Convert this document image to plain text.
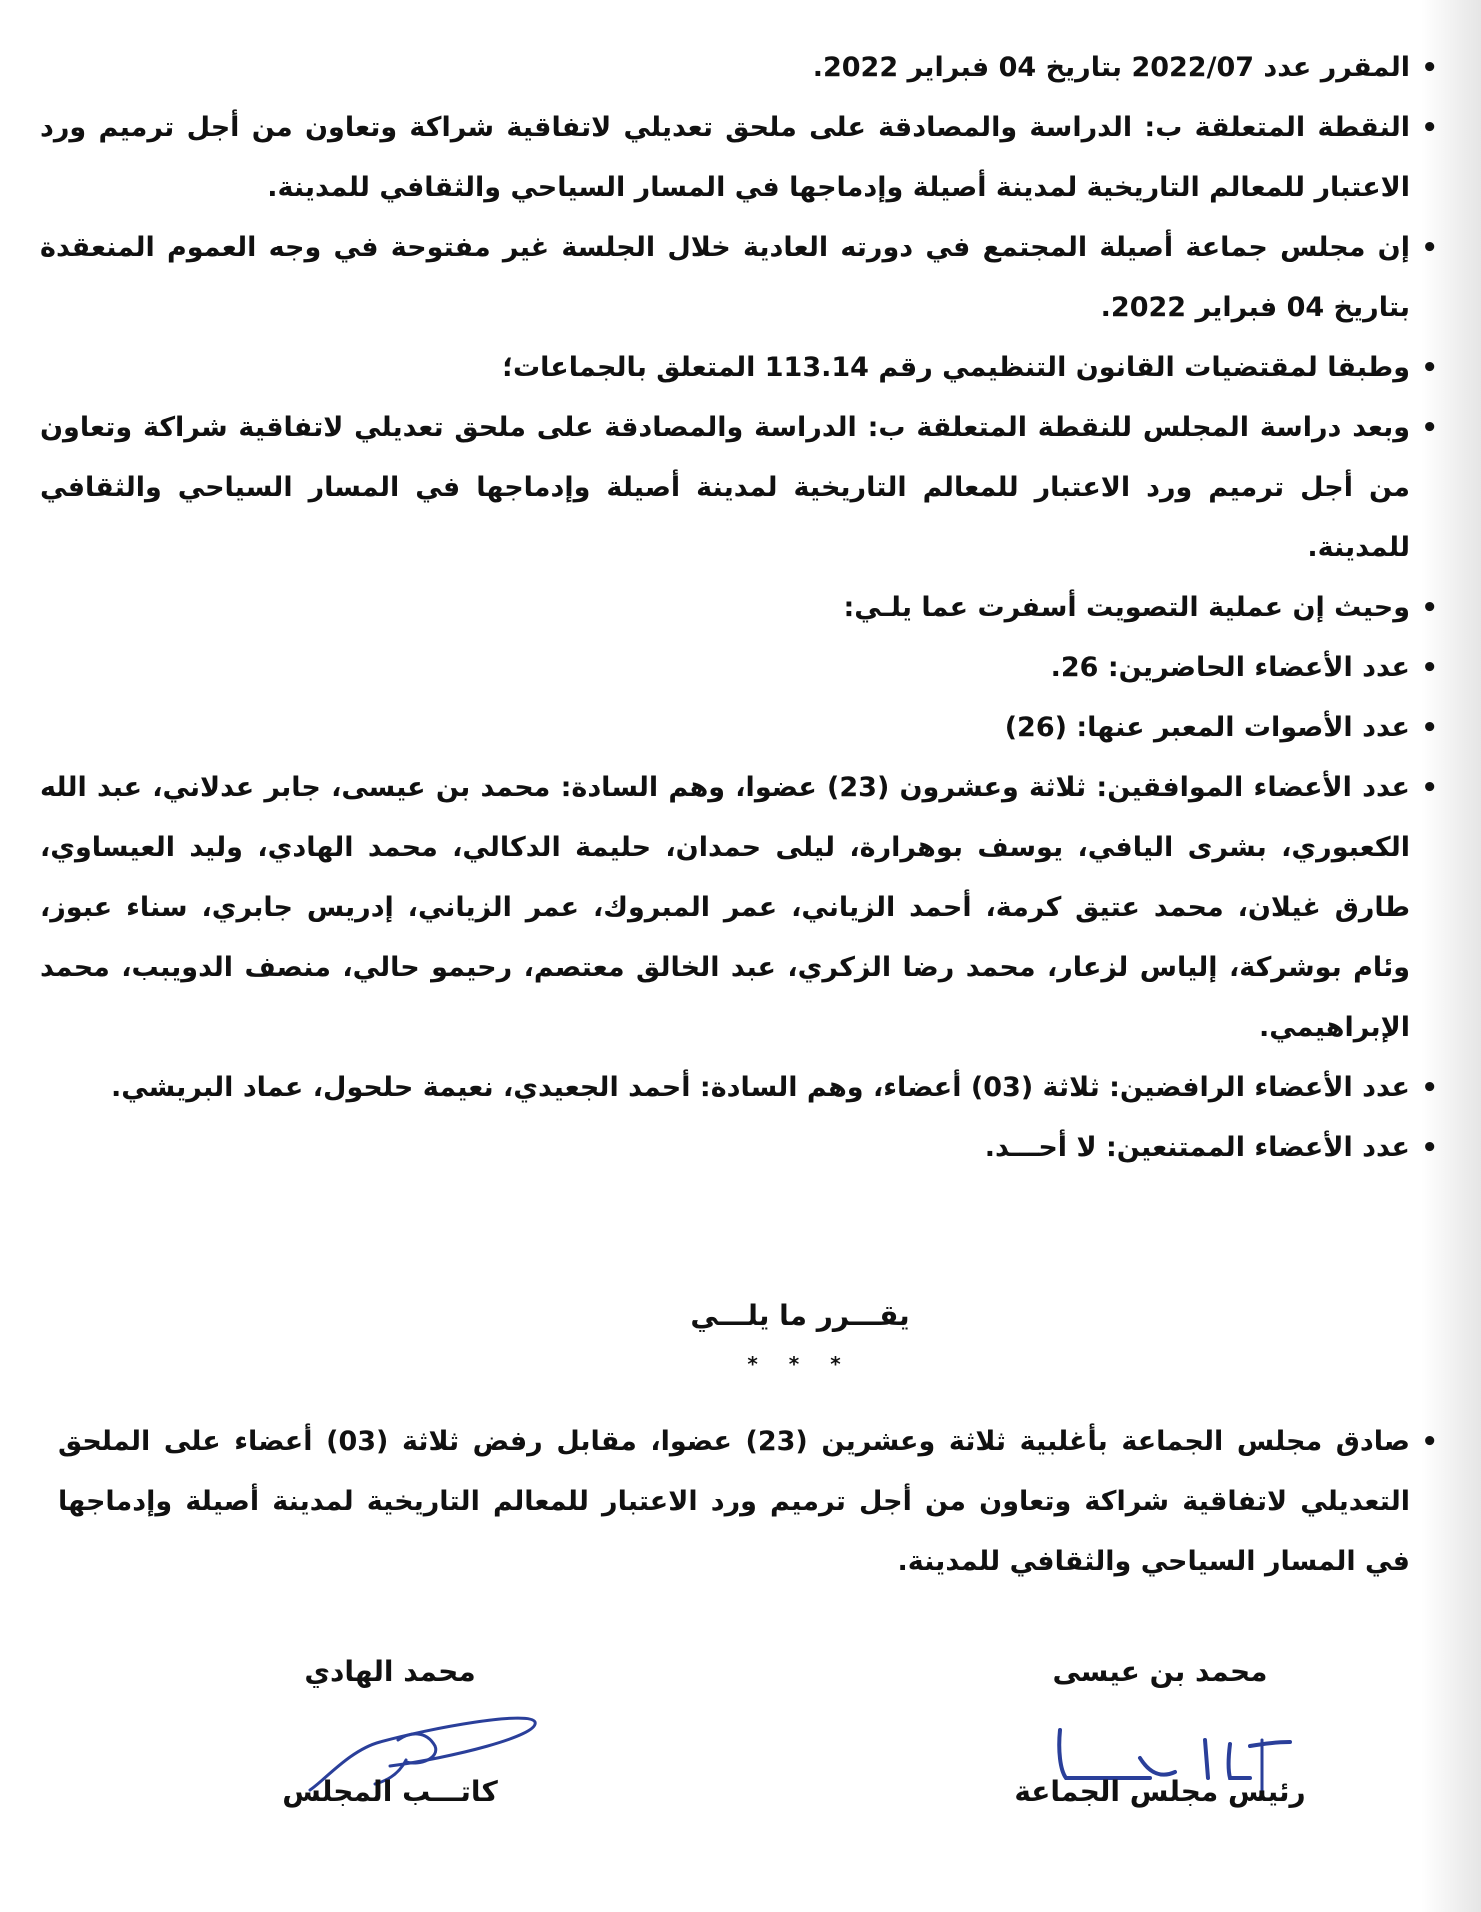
• المقرر عدد 2022/07 بتاريخ 04 فبراير 2022.
• النقطة المتعلقة ب: الدراسة والمصادقة على ملحق تعديلي لاتفاقية شراكة وتعاون من أجل ترميم ورد الاعتبار للمعالم التاريخية لمدينة أصيلة وإدماجها في المسار السياحي والثقافي للمدينة.
• إن مجلس جماعة أصيلة المجتمع في دورته العادية خلال الجلسة غير مفتوحة في وجه العموم المنعقدة بتاريخ 04 فبراير 2022.
• وطبقا لمقتضيات القانون التنظيمي رقم 113.14 المتعلق بالجماعات؛
• وبعد دراسة المجلس للنقطة المتعلقة ب: الدراسة والمصادقة على ملحق تعديلي لاتفاقية شراكة وتعاون من أجل ترميم ورد الاعتبار للمعالم التاريخية لمدينة أصيلة وإدماجها في المسار السياحي والثقافي للمدينة.
• وحيث إن عملية التصويت أسفرت عما يلـي:
• عدد الأعضاء الحاضرين: 26.
• عدد الأصوات المعبر عنها: (26)
• عدد الأعضاء الموافقين: ثلاثة وعشرون (23) عضوا، وهم السادة: محمد بن عيسى، جابر عدلاني، عبد الله الكعبوري، بشرى اليافي، يوسف بوهرارة، ليلى حمدان، حليمة الدكالي، محمد الهادي، وليد العيساوي، طارق غيلان، محمد عتيق كرمة، أحمد الزياني، عمر المبروك، عمر الزياني، إدريس جابري، سناء عبوز، وئام بوشركة، إلياس لزعار، محمد رضا الزكري، عبد الخالق معتصم، رحيمو حالي، منصف الدويبب، محمد الإبراهيمي.
• عدد الأعضاء الرافضين: ثلاثة (03) أعضاء، وهم السادة: أحمد الجعيدي، نعيمة حلحول، عماد البريشي.
• عدد الأعضاء الممتنعين: لا أحـــد.
يقـــرر ما يلـــي
* * *
• صادق مجلس الجماعة بأغلبية ثلاثة وعشرين (23) عضوا، مقابل رفض ثلاثة (03) أعضاء على الملحق التعديلي لاتفاقية شراكة وتعاون من أجل ترميم ورد الاعتبار للمعالم التاريخية لمدينة أصيلة وإدماجها في المسار السياحي والثقافي للمدينة.
محمد بن عيسى
رئيس مجلس الجماعة
محمد الهادي
كاتـــب المجلس
